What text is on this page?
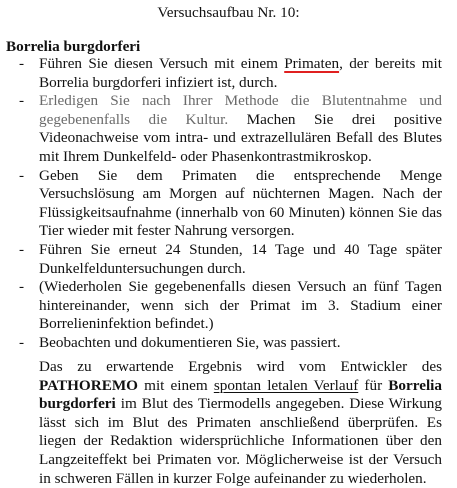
Versuchsaufbau Nr. 10:
Borrelia burgdorferi
- Führen Sie diesen Versuch mit einem Primaten, der bereits mit Borrelia burgdorferi infiziert ist, durch.
- Erledigen Sie nach Ihrer Methode die Blutentnahme und gegebenenfalls die Kultur. Machen Sie drei positive Videonachweise vom intra- und extrazellulären Befall des Blutes mit Ihrem Dunkelfeld- oder Phasenkontrastmikroskop.
- Geben Sie dem Primaten die entsprechende Menge Versuchslösung am Morgen auf nüchternen Magen. Nach der Flüssigkeitsaufnahme (innerhalb von 60 Minuten) können Sie das Tier wieder mit fester Nahrung versorgen.
- Führen Sie erneut 24 Stunden, 14 Tage und 40 Tage später Dunkelfelduntersuchungen durch.
- (Wiederholen Sie gegebenenfalls diesen Versuch an fünf Tagen hintereinander, wenn sich der Primat im 3. Stadium einer Borrelieninfektion befindet.)
- Beobachten und dokumentieren Sie, was passiert.

Das zu erwartende Ergebnis wird vom Entwickler des PATHOREMO mit einem spontan letalen Verlauf für Borrelia burgdorferi im Blut des Tiermodells angegeben. Diese Wirkung lässt sich im Blut des Primaten anschließend überprüfen. Es liegen der Redaktion widersprüchliche Informationen über den Langzeiteffekt bei Primaten vor. Möglicherweise ist der Versuch in schweren Fällen in kurzer Folge aufeinander zu wiederholen.
